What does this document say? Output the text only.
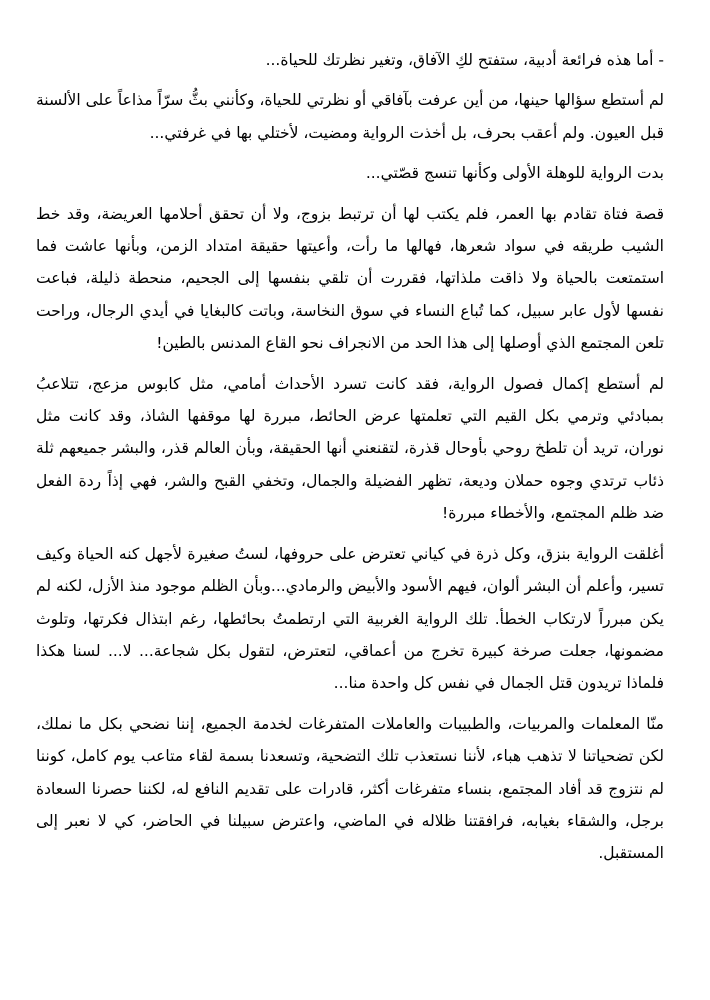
- أما هذه فرائعة أدبية، ستفتح لكِ الآفاق، وتغير نظرتك للحياة...

لم أستطع سؤالها حينها، من أين عرفت بآفاقي أو نظرتي للحياة، وكأنني بثُّ سرّاً مذاعاً على الألسنة قبل العيون. ولم أعقب بحرف، بل أخذت الرواية ومضيت، لأختلي بها في غرفتي...

بدت الرواية للوهلة الأولى وكأنها تنسج قصّتي...

قصة فتاة تقادم بها العمر، فلم يكتب لها أن ترتبط بزوج، ولا أن تحقق أحلامها العريضة، وقد خط الشيب طريقه في سواد شعرها، فهالها ما رأت، وأعيتها حقيقة امتداد الزمن، وبأنها عاشت فما استمتعت بالحياة ولا ذاقت ملذاتها، فقررت أن تلقي بنفسها إلى الجحيم، منحطة ذليلة، فباعت نفسها لأول عابر سبيل، كما تُباع النساء في سوق النخاسة، وباتت كالبغايا في أيدي الرجال، وراحت تلعن المجتمع الذي أوصلها إلى هذا الحد من الانجراف نحو القاع المدنس بالطين!

لم أستطع إكمال فصول الرواية، فقد كانت تسرد الأحداث أمامي، مثل كابوس مزعج، تتلاعبُ بمبادئي وترمي بكل القيم التي تعلمتها عرض الحائط، مبررة لها موقفها الشاذ، وقد كانت مثل نوران، تريد أن تلطخ روحي بأوحال قذرة، لتقنعني أنها الحقيقة، وبأن العالم قذر، والبشر جميعهم ثلة ذئاب ترتدي وجوه حملان وديعة، تظهر الفضيلة والجمال، وتخفي القبح والشر، فهي إذاً ردة الفعل ضد ظلم المجتمع، والأخطاء مبررة!

أغلقت الرواية بنزق، وكل ذرة في كياني تعترض على حروفها، لستُ صغيرة لأجهل كنه الحياة وكيف تسير، وأعلم أن البشر ألوان، فيهم الأسود والأبيض والرمادي...وبأن الظلم موجود منذ الأزل، لكنه لم يكن مبرراً لارتكاب الخطأ. تلك الرواية الغربية التي ارتطمتُ بحائطها، رغم ابتذال فكرتها، وتلوث مضمونها، جعلت صرخة كبيرة تخرج من أعماقي، لتعترض، لتقول بكل شجاعة... لا... لسنا هكذا فلماذا تريدون قتل الجمال في نفس كل واحدة منا...

منّا المعلمات والمربيات، والطبيبات والعاملات المتفرغات لخدمة الجميع، إننا نضحي بكل ما نملك، لكن تضحياتنا لا تذهب هباء، لأننا نستعذب تلك التضحية، وتسعدنا بسمة لقاء متاعب يوم كامل، كوننا لم نتزوج قد أفاد المجتمع، بنساء متفرغات أكثر، قادرات على تقديم النافع له، لكننا حصرنا السعادة برجل، والشقاء بغيابه، فرافقتنا ظلاله في الماضي، واعترض سبيلنا في الحاضر، كي لا نعبر إلى المستقبل.
